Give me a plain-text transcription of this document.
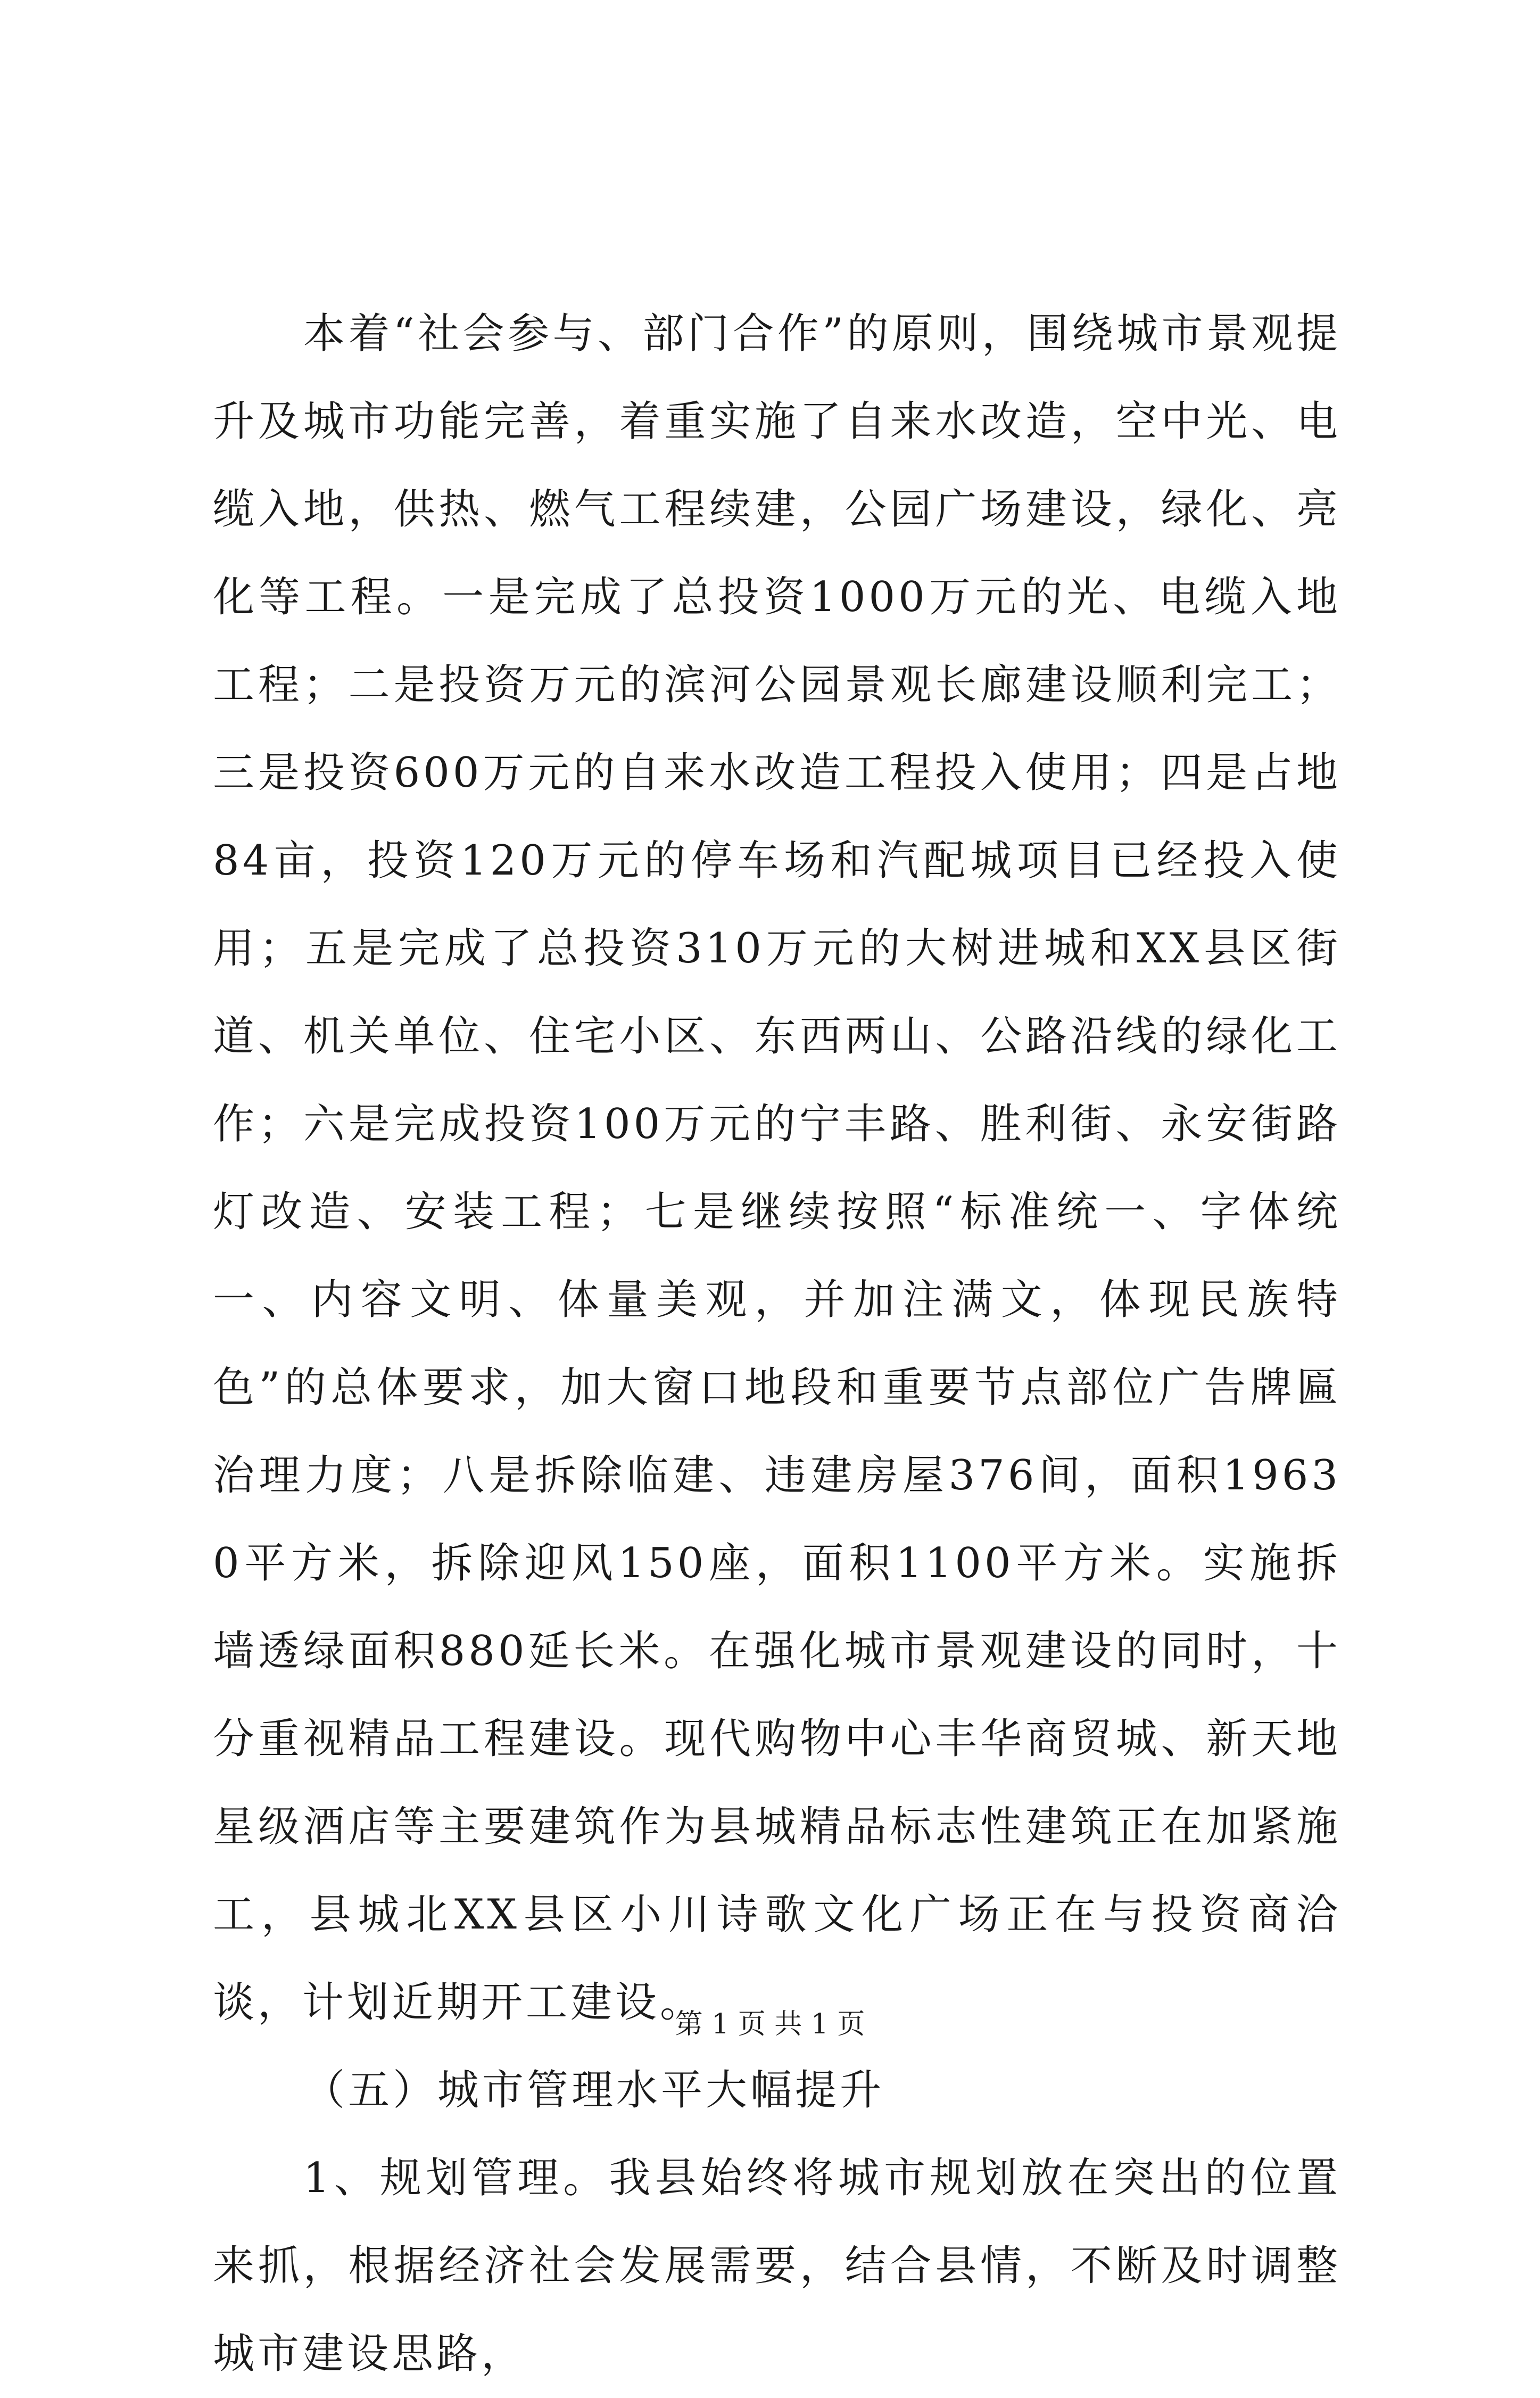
本着“社会参与、部门合作”的原则，围绕城市景观提升及城市功能完善，着重实施了自来水改造，空中光、电缆入地，供热、燃气工程续建，公园广场建设，绿化、亮化等工程。一是完成了总投资1000万元的光、电缆入地工程；二是投资万元的滨河公园景观长廊建设顺利完工；三是投资600万元的自来水改造工程投入使用；四是占地84亩，投资120万元的停车场和汽配城项目已经投入使用；五是完成了总投资310万元的大树进城和XX县区街道、机关单位、住宅小区、东西两山、公路沿线的绿化工作；六是完成投资100万元的宁丰路、胜利街、永安街路灯改造、安装工程；七是继续按照“标准统一、字体统一、内容文明、体量美观，并加注满文，体现民族特色”的总体要求，加大窗口地段和重要节点部位广告牌匾治理力度；八是拆除临建、违建房屋376间，面积19630平方米，拆除迎风150座，面积1100平方米。实施拆墙透绿面积880延长米。在强化城市景观建设的同时，十分重视精品工程建设。现代购物中心丰华商贸城、新天地星级酒店等主要建筑作为县城精品标志性建筑正在加紧施工，县城北XX县区小川诗歌文化广场正在与投资商洽谈，计划近期开工建设。

（五）城市管理水平大幅提升

1、规划管理。我县始终将城市规划放在突出的位置来抓，根据经济社会发展需要，结合县情，不断及时调整城市建设思路，

第 1 页 共 1 页
